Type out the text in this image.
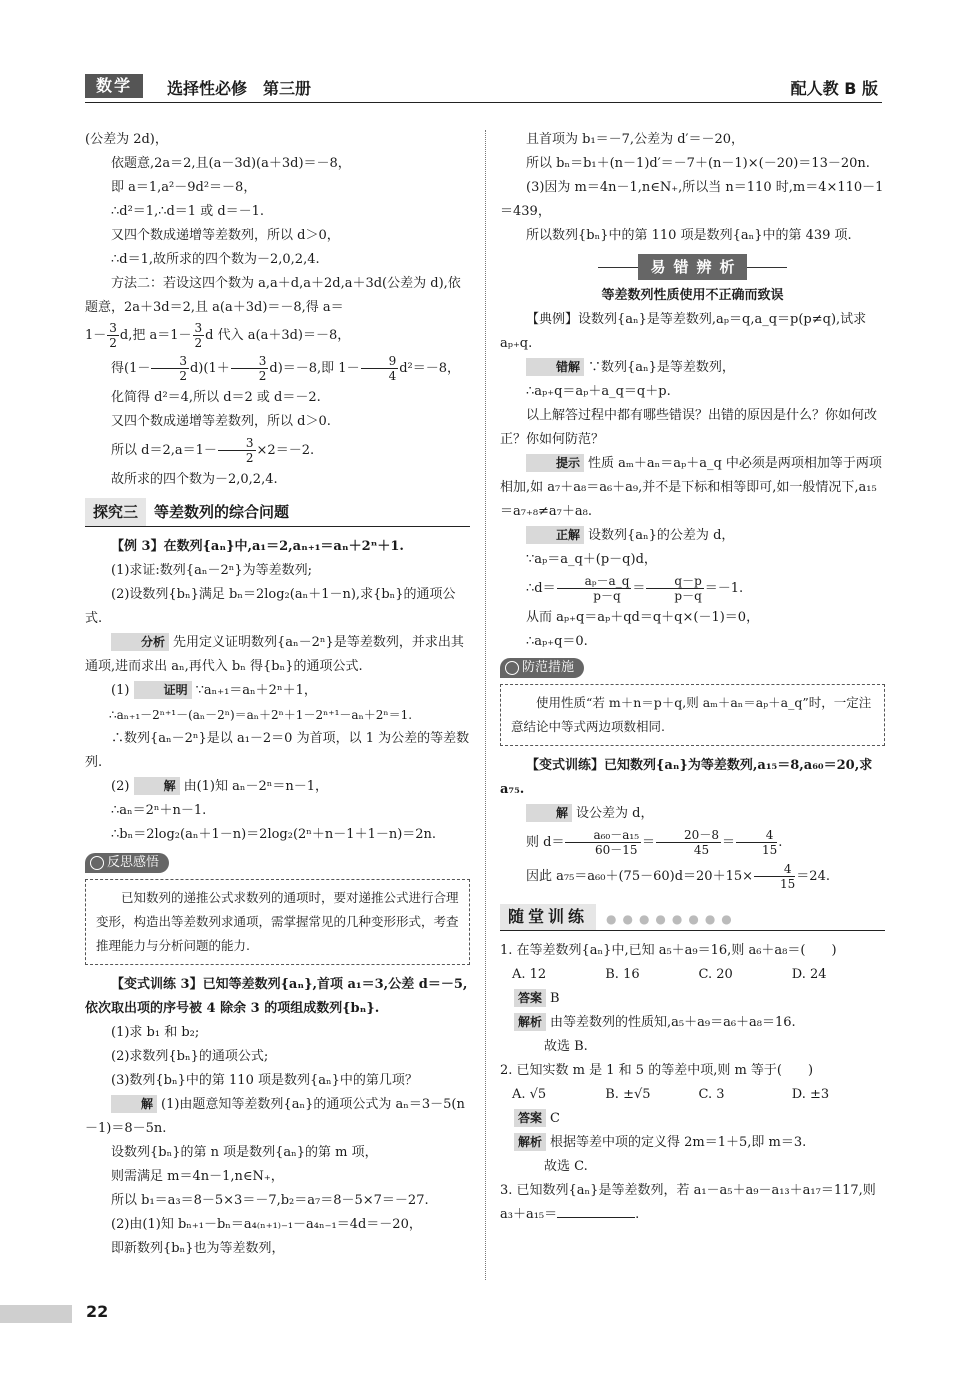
数学	选择性必修　第三册	配人教 B 版

(公差为 2d)，

依题意,2a＝2,且(a－3d)(a＋3d)＝－8，

即 a＝1,a²－9d²＝－8，

∴d²＝1,∴d＝1 或 d＝－1.

又四个数成递增等差数列，所以 d＞0，

∴d＝1,故所求的四个数为－2,0,2,4.

方法二：若设这四个数为 a,a＋d,a＋2d,a＋3d(公差为 d),依题意，2a＋3d＝2,且 a(a＋3d)＝－8,得 a＝

$1- \frac{3}{2} d$,把 $a=1- \frac{3}{2}$ d 代入 a(a＋3d)＝－8，

得$(1- \frac{3}{2} d)(1+ \frac{3}{2} d)=-8$,即 $1- \frac{9}{4} d^2=-8$，

化简得 d²＝4,所以 d＝2 或 d＝－2.

又四个数成递增等差数列，所以 d＞0.

所以 $d=2,a=1- \frac{3}{2} \times 2=-2$.

故所求的四个数为－2,0,2,4.

探究三 等差数列的综合问题

【例 3】在数列{aₙ}中,a₁＝2,aₙ₊₁＝aₙ＋2ⁿ＋1.

(1)求证:数列{aₙ－2ⁿ}为等差数列;

(2)设数列{bₙ}满足 bₙ＝2log₂(aₙ＋1－n),求{bₙ}的通项公式.

分析 先用定义证明数列{aₙ－2ⁿ}是等差数列，并求出其通项,进而求出 aₙ,再代入 bₙ 得{bₙ}的通项公式.

(1)	证明 ∵aₙ₊₁＝aₙ＋2ⁿ＋1，

∴aₙ₊₁－2ⁿ⁺¹－(aₙ－2ⁿ)＝aₙ＋2ⁿ＋1－2ⁿ⁺¹－aₙ＋2ⁿ＝1.

∴数列{aₙ－2ⁿ}是以 a₁－2＝0 为首项，以 1 为公差的等差数列.

(2)	解 由(1)知 aₙ－2ⁿ＝n－1，

∴aₙ＝2ⁿ＋n－1.

∴bₙ＝2log₂(aₙ＋1－n)＝2log₂(2ⁿ＋n－1＋1－n)＝2n.

反思感悟

已知数列的递推公式求数列的通项时，要对递推公式进行合理变形，构造出等差数列求通项，需掌握常见的几种变形形式，考查推理能力与分析问题的能力.

【变式训练 3】已知等差数列{aₙ},首项 a₁＝3,公差 d＝－5,依次取出项的序号被 4 除余 3 的项组成数列{bₙ}.

(1)求 b₁ 和 b₂;

(2)求数列{bₙ}的通项公式;

(3)数列{bₙ}中的第 110 项是数列{aₙ}中的第几项？

解 (1)由题意知等差数列{aₙ}的通项公式为 aₙ＝3－5(n－1)＝8－5n.

设数列{bₙ}的第 n 项是数列{aₙ}的第 m 项，

则需满足 m＝4n－1,n∈N₊，

所以 b₁＝a₃＝8－5×3＝－7,b₂＝a₇＝8－5×7＝－27.

(2)由(1)知 bₙ₊₁－bₙ＝a₄₍ₙ₊₁₎₋₁－a₄ₙ₋₁＝4d＝－20，

即新数列{bₙ}也为等差数列，

且首项为 b₁＝－7,公差为 d′＝－20，

所以 bₙ＝b₁＋(n－1)d′＝－7＋(n－1)×(－20)＝13－20n.

(3)因为 m＝4n－1,n∈N₊,所以当 n＝110 时,m＝4×110－1＝439，

所以数列{bₙ}中的第 110 项是数列{aₙ}中的第 439 项.

易错辨析

等差数列性质使用不正确而致误

【典例】设数列{aₙ}是等差数列,aₚ＝q,a_q＝p(p≠q),试求 aₚ₊q.

错解 ∵数列{aₙ}是等差数列，

∴aₚ₊q＝aₚ＋a_q＝q＋p.

以上解答过程中都有哪些错误？出错的原因是什么？你如何改正？你如何防范？

提示 性质 aₘ＋aₙ＝aₚ＋a_q 中必须是两项相加等于两项相加,如 a₇＋a₈＝a₆＋a₉,并不是下标和相等即可,如一般情况下,a₁₅＝a₇₊₈≠a₇＋a₈.

正解 设数列{aₙ}的公差为 d，

∵aₚ＝a_q＋(p－q)d，

∴d＝ $\frac{\text{aₚ－a\_q}}{p-q} = \frac{q-p}{p-q} =-1$.

从而 aₚ₊q＝aₚ＋qd＝q＋q×(－1)＝0，

∴aₚ₊q＝0.

防范措施

使用性质“若 m＋n＝p＋q,则 aₘ＋aₙ＝aₚ＋a_q”时，一定注意结论中等式两边项数相同.

【变式训练】已知数列{aₙ}为等差数列,a₁₅＝8,a₆₀＝20,求 a₇₅.

解 设公差为 d，

则 $d= \frac{\text{a₆₀－a₁₅}}{60-15} = \frac{20-8}{45} = \frac{4}{15}$ .

因此 $a_{75}=a_{60}+(75-60)d=20+15\times \frac{4}{15} =24$.

随堂训练 ●●●●●●●●

1. 在等差数列{aₙ}中,已知 a₅＋a₉＝16,则 a₆＋a₈＝(　　)

A. 12	B. 16	C. 20	D. 24

答案 B

解析 由等差数列的性质知,a₅＋a₉＝a₆＋a₈＝16.

故选 B.

2. 已知实数 m 是 1 和 5 的等差中项,则 m 等于(　　)

A. √5	B. ±√5	C. 3	D. ±3

答案 C

解析 根据等差中项的定义得 2m＝1＋5,即 m＝3.

故选 C.

3. 已知数列{aₙ}是等差数列，若 a₁－a₅＋a₉－a₁₃＋a₁₇＝117,则 a₃＋a₁₅＝	.

22
